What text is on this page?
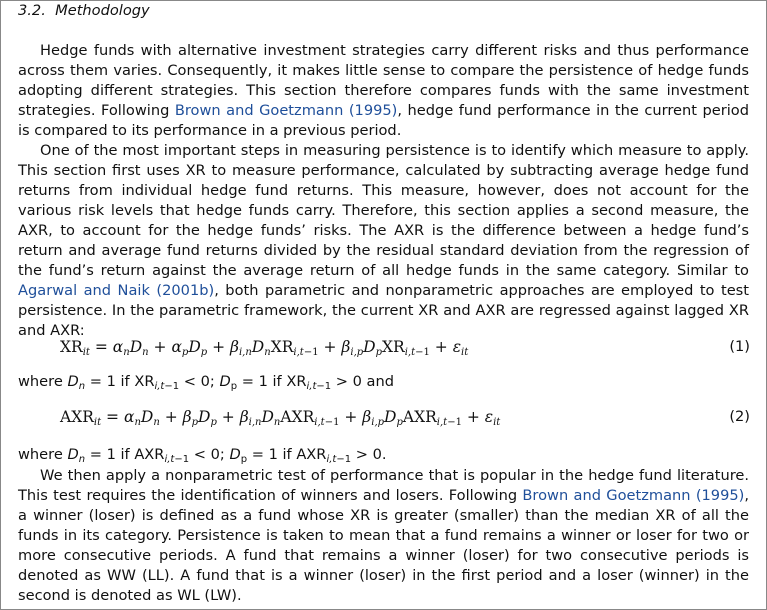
3.2. Methodology
Hedge funds with alternative investment strategies carry different risks and thus performance across them varies. Consequently, it makes little sense to compare the persistence of hedge funds adopting different strategies. This section therefore compares funds with the same investment strategies. Following Brown and Goetzmann (1995), hedge fund performance in the current period is compared to its performance in a previous period.
One of the most important steps in measuring persistence is to identify which measure to apply. This section first uses XR to measure performance, calculated by subtracting average hedge fund returns from individual hedge fund returns. This measure, however, does not account for the various risk levels that hedge funds carry. Therefore, this section applies a second measure, the AXR, to account for the hedge funds’ risks. The AXR is the difference between a hedge fund’s return and average fund returns divided by the residual standard deviation from the regression of the fund’s return against the average return of all hedge funds in the same category. Similar to Agarwal and Naik (2001b), both parametric and nonparametric approaches are employed to test persistence. In the parametric framework, the current XR and AXR are regressed against lagged XR and AXR:
$XR_{it} = \alpha_nD_n + \alpha_pD_p + \beta_{i,n}D_nXR_{i,t-1} + \beta_{i,p}D_pXR_{i,t-1} + \varepsilon_{it}$	(1)
where $D_n = 1$ if $XR_{i,t-1} < 0$; $D_p = 1$ if $XR_{i,t-1} > 0$ and
$AXR_{it} = \alpha_nD_n + \beta_pD_p + \beta_{i,n}D_nAXR_{i,t-1} + \beta_{i,p}D_pAXR_{i,t-1} + \varepsilon_{it}$	(2)
where $D_n = 1$ if $AXR_{i,t-1} < 0$; $D_p = 1$ if $AXR_{i,t-1} > 0$.
We then apply a nonparametric test of performance that is popular in the hedge fund literature. This test requires the identification of winners and losers. Following Brown and Goetzmann (1995), a winner (loser) is defined as a fund whose XR is greater (smaller) than the median XR of all the funds in its category. Persistence is taken to mean that a fund remains a winner or loser for two or more consecutive periods. A fund that remains a winner (loser) for two consecutive periods is denoted as WW (LL). A fund that is a winner (loser) in the first period and a loser (winner) in the second is denoted as WL (LW).
